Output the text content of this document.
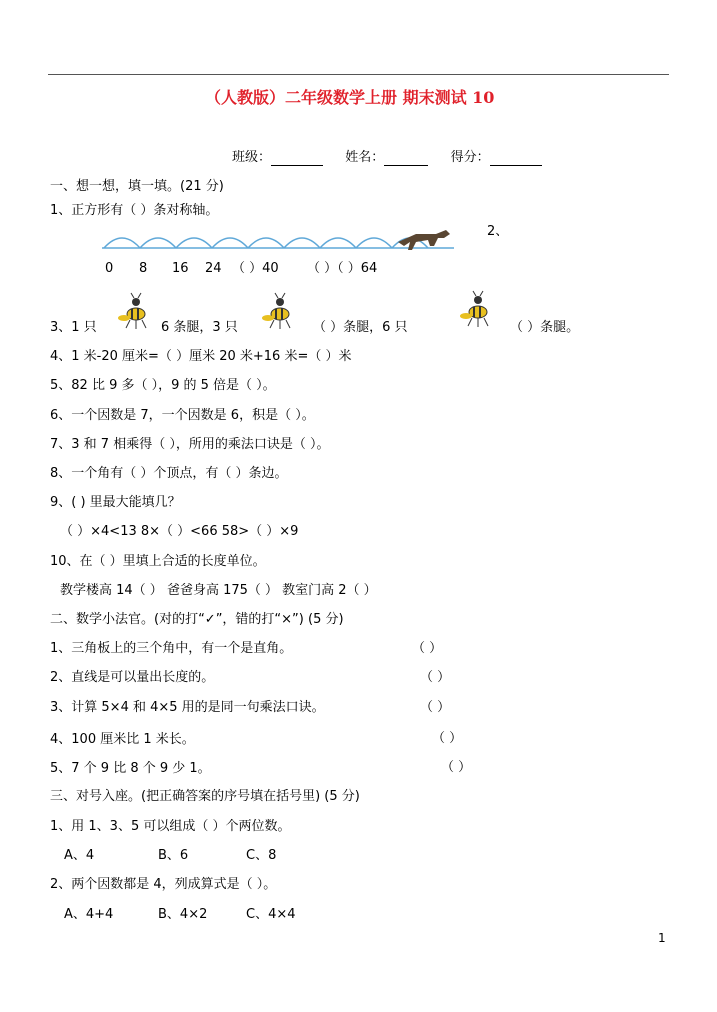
（人教版）二年级数学上册 期末测试 10
班级：	姓名：	得分：
一、想一想，填一填。(21 分)
1、正方形有（ ）条对称轴。
2、
0 8 16 24 （ ）40 （ ）（ ）64
3、1 只	6 条腿，3 只	（ ）条腿，6 只	（ ）条腿。
4、1 米-20 厘米=（ ）厘米 20 米+16 米=（ ）米
5、82 比 9 多（ ），9 的 5 倍是（ ）。
6、一个因数是 7，一个因数是 6，积是（ ）。
7、3 和 7 相乘得（ ），所用的乘法口诀是（ ）。
8、一个角有（ ）个顶点，有（ ）条边。
9、( ) 里最大能填几？
（ ）×4<13 8×（ ）<66 58>（ ）×9
10、在（ ）里填上合适的长度单位。
教学楼高 14（ ） 爸爸身高 175（ ） 教室门高 2（ ）
二、数学小法官。(对的打“✓”，错的打“×”) (5 分)
1、三角板上的三个角中，有一个是直角。	（ ）
2、直线是可以量出长度的。	（ ）
3、计算 5×4 和 4×5 用的是同一句乘法口诀。	（ ）
4、100 厘米比 1 米长。	（ ）
5、7 个 9 比 8 个 9 少 1。	（ ）
三、对号入座。(把正确答案的序号填在括号里) (5 分)
1、用 1、3、5 可以组成（ ）个两位数。
A、4	B、6	C、8
2、两个因数都是 4，列成算式是（ ）。
A、4+4	B、4×2	C、4×4
1
